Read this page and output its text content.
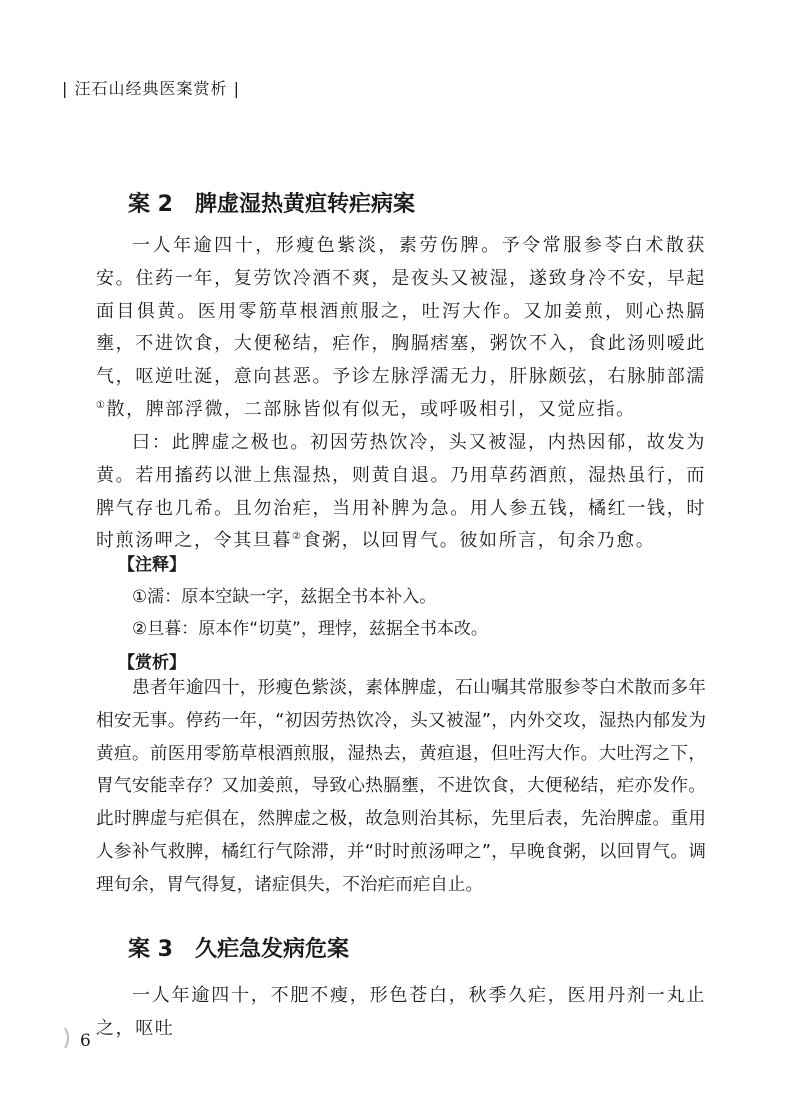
| 汪石山经典医案赏析 |
案 2 脾虚湿热黄疸转疟病案

一人年逾四十，形瘦色紫淡，素劳伤脾。予令常服参苓白术散获安。住药一年，复劳饮冷酒不爽，是夜头又被湿，遂致身冷不安，早起面目俱黄。医用零筋草根酒煎服之，吐泻大作。又加姜煎，则心热膈壅，不进饮食，大便秘结，疟作，胸膈痞塞，粥饮不入，食此汤则嗳此气，呕逆吐涎，意向甚恶。予诊左脉浮濡无力，肝脉颇弦，右脉肺部濡①散，脾部浮微，二部脉皆似有似无，或呼吸相引，又觉应指。

曰：此脾虚之极也。初因劳热饮冷，头又被湿，内热因郁，故发为黄。若用搐药以泄上焦湿热，则黄自退。乃用草药酒煎，湿热虽行，而脾气存也几希。且勿治疟，当用补脾为急。用人参五钱，橘红一钱，时时煎汤呷之，令其旦暮②食粥，以回胃气。彼如所言，旬余乃愈。

【注释】
①濡：原本空缺一字，兹据全书本补入。
②旦暮：原本作“切莫”，理悖，兹据全书本改。
【赏析】

患者年逾四十，形瘦色紫淡，素体脾虚，石山嘱其常服参苓白术散而多年相安无事。停药一年，“初因劳热饮冷，头又被湿”，内外交攻，湿热内郁发为黄疸。前医用零筋草根酒煎服，湿热去，黄疸退，但吐泻大作。大吐泻之下，胃气安能幸存？又加姜煎，导致心热膈壅，不进饮食，大便秘结，疟亦发作。此时脾虚与疟俱在，然脾虚之极，故急则治其标，先里后表，先治脾虚。重用人参补气救脾，橘红行气除滞，并“时时煎汤呷之”，早晚食粥，以回胃气。调理旬余，胃气得复，诸症俱失，不治疟而疟自止。

案 3 久疟急发病危案

一人年逾四十，不肥不瘦，形色苍白，秋季久疟，医用丹剂一丸止之，呕吐

6
